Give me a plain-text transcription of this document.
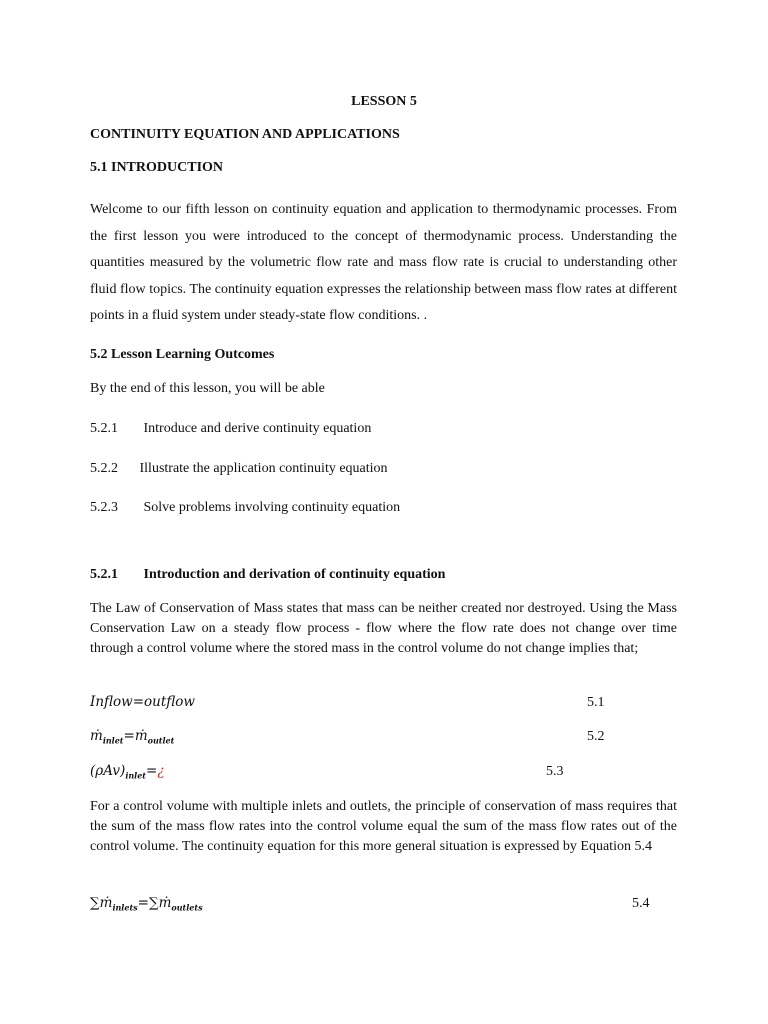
LESSON 5
CONTINUITY EQUATION AND APPLICATIONS
5.1 INTRODUCTION
Welcome to our fifth lesson on continuity equation and application to thermodynamic processes. From the first lesson you were introduced to the concept of thermodynamic process. Understanding the quantities measured by the volumetric flow rate and mass flow rate is crucial to understanding other fluid flow topics. The continuity equation expresses the relationship between mass flow rates at different points in a fluid system under steady-state flow conditions. .
5.2 Lesson Learning Outcomes
By the end of this lesson, you will be able
5.2.1 Introduce and derive continuity equation
5.2.2 Illustrate the application continuity equation
5.2.3 Solve problems involving continuity equation
5.2.1 Introduction and derivation of continuity equation
The Law of Conservation of Mass states that mass can be neither created nor destroyed. Using the Mass Conservation Law on a steady flow process - flow where the flow rate does not change over time through a control volume where the stored mass in the control volume do not change implies that;
Inflow=outflow	5.1
ṁ$_{inlet}$=ṁ$_{outlet}$	5.2
$(\rho Av)_{inlet}=¿$	5.3
For a control volume with multiple inlets and outlets, the principle of conservation of mass requires that the sum of the mass flow rates into the control volume equal the sum of the mass flow rates out of the control volume. The continuity equation for this more general situation is expressed by Equation 5.4
∑ṁ$_{inlets}$=∑ṁ$_{outlets}$	5.4
